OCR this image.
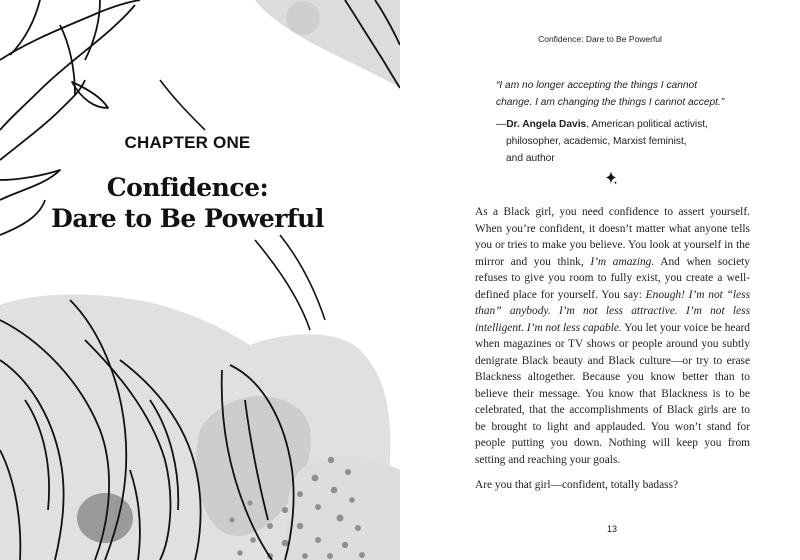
CHAPTER ONE
Confidence:
Dare to Be Powerful
Confidence: Dare to Be Powerful
“I am no longer accepting the things I cannot
change. I am changing the things I cannot accept.”
—Dr. Angela Davis, American political activist,
philosopher, academic, Marxist feminist,
and author

As a Black girl, you need confidence to assert yourself. When you’re confident, it doesn’t matter what anyone tells you or tries to make you believe. You look at yourself in the mirror and you think, I’m amazing. And when society refuses to give you room to fully exist, you create a well-defined place for yourself. You say: Enough! I’m not “less than” anybody. I’m not less attractive. I’m not less intelligent. I’m not less capable. You let your voice be heard when magazines or TV shows or people around you subtly denigrate Black beauty and Black culture—or try to erase Blackness altogether. Because you know better than to believe their message. You know that Blackness is to be celebrated, that the accomplishments of Black girls are to be brought to light and applauded. You won’t stand for people putting you down. Nothing will keep you from setting and reaching your goals.

Are you that girl—confident, totally badass?

13
